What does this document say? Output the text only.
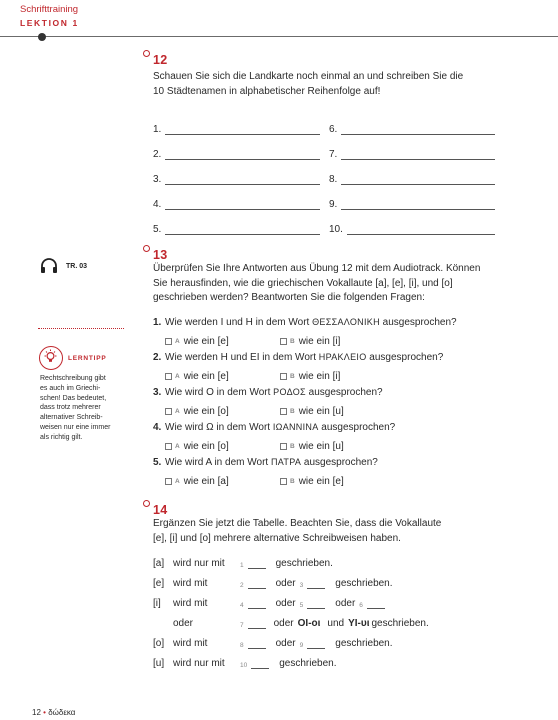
Schrifttraining
LEKTION 1
12
Schauen Sie sich die Landkarte noch einmal an und schreiben Sie die
10 Städtenamen in alphabetischer Reihenfolge auf!
1.
2.
3.
4.
5.
6.
7.
8.
9.
10.
TR. 03
13
Überprüfen Sie Ihre Antworten aus Übung 12 mit dem Audiotrack. Können
Sie herausfinden, wie die griechischen Vokallaute [a], [e], [i], und [o]
geschrieben werden? Beantworten Sie die folgenden Fragen:
LERNTIPP
Rechtschreibung gibt
es auch im Griechi-
schen! Das bedeutet,
dass trotz mehrerer
alternativer Schreib-
weisen nur eine immer
als richtig gilt.
1. Wie werden I und H in dem Wort ΘΕΣΣΑΛΟΝΙΚΗ ausgesprochen?
A wie ein [e]	B wie ein [i]
2. Wie werden H und EI in dem Wort ΗΡΑΚΛΕΙΟ ausgesprochen?
A wie ein [e]	B wie ein [i]
3. Wie wird O in dem Wort ΡΟΔΟΣ ausgesprochen?
A wie ein [o]	B wie ein [u]
4. Wie wird Ω in dem Wort ΙΩΑΝΝΙΝΑ ausgesprochen?
A wie ein [o]	B wie ein [u]
5. Wie wird A in dem Wort ΠΑΤΡΑ ausgesprochen?
A wie ein [a]	B wie ein [e]
14
Ergänzen Sie jetzt die Tabelle. Beachten Sie, dass die Vokallaute
[e], [i] und [o] mehrere alternative Schreibweisen haben.
[a] wird nur mit	1	geschrieben.
[e] wird mit	2	oder 3	geschrieben.
[i]	wird mit	4	oder 5	oder 6
oder	7	oder OI-οι und YI-υι geschrieben.
[o] wird mit	8	oder 9	geschrieben.
[u] wird nur mit	10	geschrieben.
12 • δώδεκα
